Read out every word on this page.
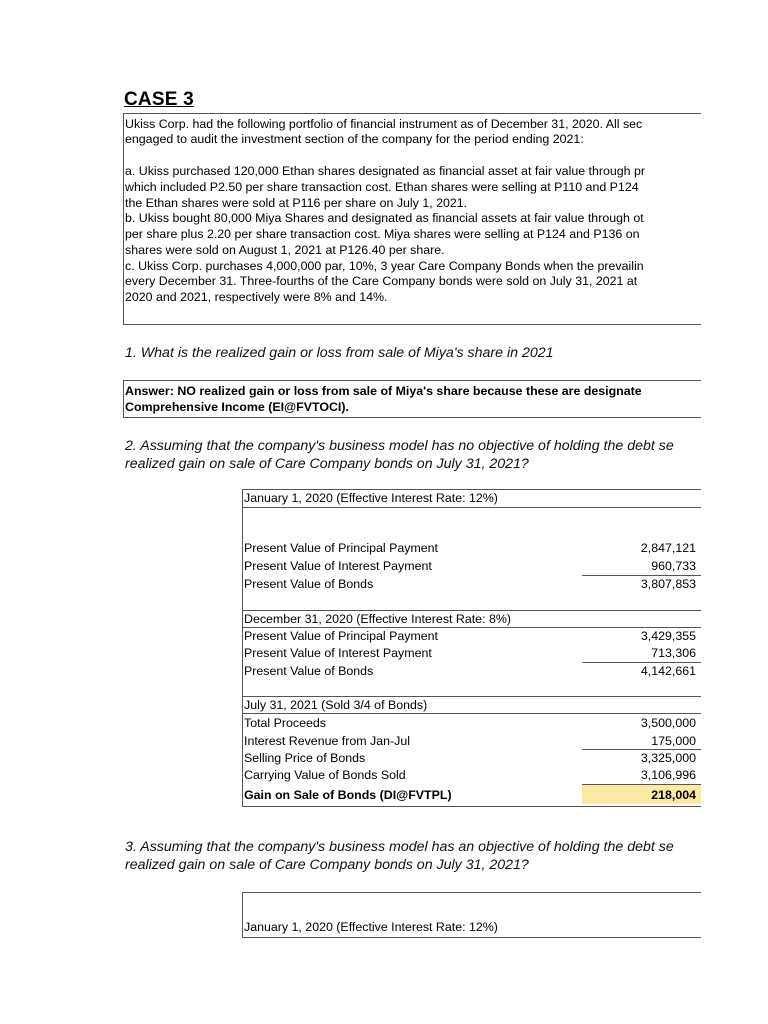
CASE 3
Ukiss Corp. had the following portfolio of financial instrument as of December 31, 2020. All sec
engaged to audit the investment section of the company for the period ending 2021:
a. Ukiss purchased 120,000 Ethan shares designated as financial asset at fair value through pr
which included P2.50 per share transaction cost. Ethan shares were selling at P110 and P124
the Ethan shares were sold at P116 per share on July 1, 2021.
b. Ukiss bought 80,000 Miya Shares and designated as financial assets at fair value through ot
per share plus 2.20 per share transaction cost. Miya shares were selling at P124 and P136 on
shares were sold on August 1, 2021 at P126.40 per share.
c. Ukiss Corp. purchases 4,000,000 par, 10%, 3 year Care Company Bonds when the prevailin
every December 31. Three-fourths of the Care Company bonds were sold on July 31, 2021 at
2020 and 2021, respectively were 8% and 14%.
1. What is the realized gain or loss from sale of Miya's share in 2021
Answer: NO realized gain or loss from sale of Miya's share because these are designate
Comprehensive Income (EI@FVTOCI).
2. Assuming that the company's business model has no objective of holding the debt se
realized gain on sale of Care Company bonds on July 31, 2021?
January 1, 2020 (Effective Interest Rate: 12%)
Present Value of Principal Payment	2,847,121
Present Value of Interest Payment	960,733
Present Value of Bonds	3,807,853
December 31, 2020 (Effective Interest Rate: 8%)
Present Value of Principal Payment	3,429,355
Present Value of Interest Payment	713,306
Present Value of Bonds	4,142,661
July 31, 2021 (Sold 3/4 of Bonds)
Total Proceeds	3,500,000
Interest Revenue from Jan-Jul	175,000
Selling Price of Bonds	3,325,000
Carrying Value of Bonds Sold	3,106,996
Gain on Sale of Bonds (DI@FVTPL)	218,004
3. Assuming that the company's business model has an objective of holding the debt se
realized gain on sale of Care Company bonds on July 31, 2021?
January 1, 2020 (Effective Interest Rate: 12%)
